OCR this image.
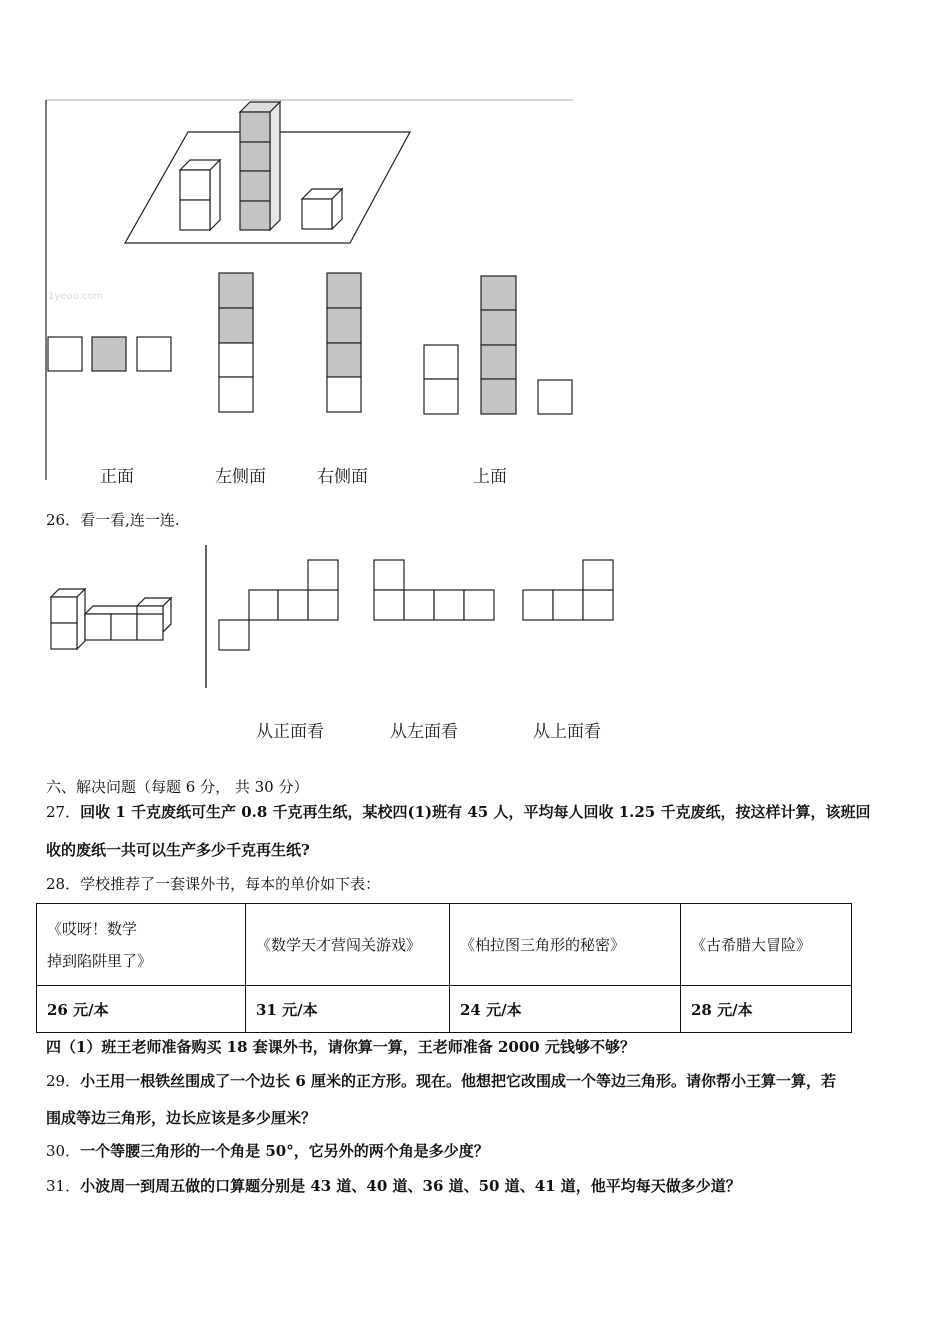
1yeoo.com
正面	左侧面	右侧面	上面
26．看一看,连一连.
从正面看	从左面看	从上面看
六、解决问题（每题 6 分， 共 30 分）
27．回收 1 千克废纸可生产 0.8 千克再生纸，某校四(1)班有 45 人，平均每人回收 1.25 千克废纸，按这样计算，该班回
收的废纸一共可以生产多少千克再生纸?
28．学校推荐了一套课外书，每本的单价如下表：
《哎呀！数学
掉到陷阱里了》	《数学天才营闯关游戏》	《柏拉图三角形的秘密》	《古希腊大冒险》
26 元/本	31 元/本	24 元/本	28 元/本
四（1）班王老师准备购买 18 套课外书，请你算一算，王老师准备 2000 元钱够不够？
29．小王用一根铁丝围成了一个边长 6 厘米的正方形。现在。他想把它改围成一个等边三角形。请你帮小王算一算，若
围成等边三角形，边长应该是多少厘米？
30．一个等腰三角形的一个角是 50°，它另外的两个角是多少度？
31．小波周一到周五做的口算题分别是 43 道、40 道、36 道、50 道、41 道，他平均每天做多少道？
